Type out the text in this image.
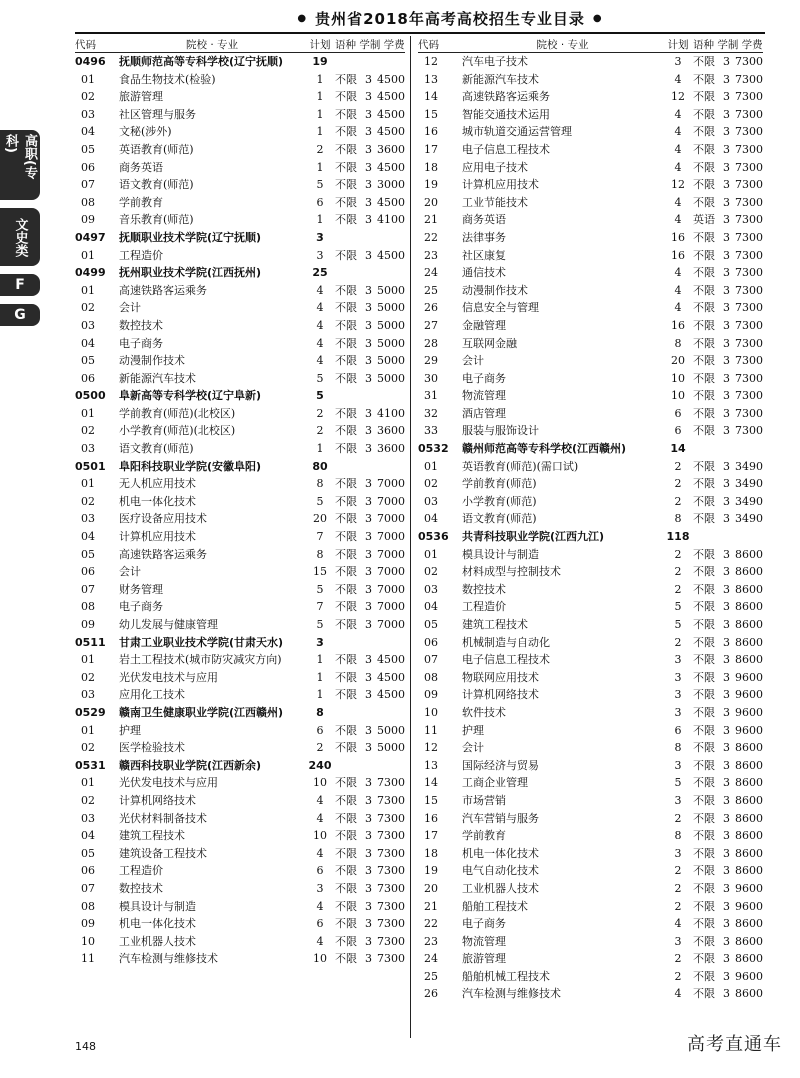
● 贵州省2018年高考高校招生专业目录 ●
高职(专科)
文史类
F
G
代码	院校 · 专业	计划 语种 学制 学费
0496	抚顺师范高等专科学校(辽宁抚顺)	19
01	食品生物技术(检验)	1	不限 3 4500
02	旅游管理	1	不限 3 4500
03	社区管理与服务	1	不限 3 4500
04	文秘(涉外)	1	不限 3 4500
05	英语教育(师范)	2	不限 3 3600
06	商务英语	1	不限 3 4500
07	语文教育(师范)	5	不限 3 3000
08	学前教育	6	不限 3 4500
09	音乐教育(师范)	1	不限 3 4100
0497	抚顺职业技术学院(辽宁抚顺)	3
01	工程造价	3	不限 3 4500
0499	抚州职业技术学院(江西抚州)	25
01	高速铁路客运乘务	4	不限 3 5000
02	会计	4	不限 3 5000
03	数控技术	4	不限 3 5000
04	电子商务	4	不限 3 5000
05	动漫制作技术	4	不限 3 5000
06	新能源汽车技术	5	不限 3 5000
0500	阜新高等专科学校(辽宁阜新)	5
01	学前教育(师范)(北校区)	2	不限 3 4100
02	小学教育(师范)(北校区)	2	不限 3 3600
03	语文教育(师范)	1	不限 3 3600
0501	阜阳科技职业学院(安徽阜阳)	80
01	无人机应用技术	8	不限 3 7000
02	机电一体化技术	5	不限 3 7000
03	医疗设备应用技术	20 不限 3 7000
04	计算机应用技术	7	不限 3 7000
05	高速铁路客运乘务	8	不限 3 7000
06	会计	15 不限 3 7000
07	财务管理	5	不限 3 7000
08	电子商务	7	不限 3 7000
09	幼儿发展与健康管理	5	不限 3 7000
0511	甘肃工业职业技术学院(甘肃天水)	3
01	岩土工程技术(城市防灾减灾方向)	1	不限 3 4500
02	光伏发电技术与应用	1	不限 3 4500
03	应用化工技术	1	不限 3 4500
0529	赣南卫生健康职业学院(江西赣州)	8
01	护理	6	不限 3 5000
02	医学检验技术	2	不限 3 5000
0531	赣西科技职业学院(江西新余)	240
01	光伏发电技术与应用	10 不限 3 7300
02	计算机网络技术	4	不限 3 7300
03	光伏材料制备技术	4	不限 3 7300
04	建筑工程技术	10 不限 3 7300
05	建筑设备工程技术	4	不限 3 7300
06	工程造价	6	不限 3 7300
07	数控技术	3	不限 3 7300
08	模具设计与制造	4	不限 3 7300
09	机电一体化技术	6	不限 3 7300
10	工业机器人技术	4	不限 3 7300
11	汽车检测与维修技术	10 不限 3 7300
代码	院校 · 专业	计划 语种 学制 学费
12	汽车电子技术	3	不限 3 7300
13	新能源汽车技术	4	不限 3 7300
14	高速铁路客运乘务	12 不限 3 7300
15	智能交通技术运用	4	不限 3 7300
16	城市轨道交通运营管理	4	不限 3 7300
17	电子信息工程技术	4	不限 3 7300
18	应用电子技术	4	不限 3 7300
19	计算机应用技术	12 不限 3 7300
20	工业节能技术	4	不限 3 7300
21	商务英语	4	英语 3 7300
22	法律事务	16 不限 3 7300
23	社区康复	16 不限 3 7300
24	通信技术	4	不限 3 7300
25	动漫制作技术	4	不限 3 7300
26	信息安全与管理	4	不限 3 7300
27	金融管理	16 不限 3 7300
28	互联网金融	8	不限 3 7300
29	会计	20 不限 3 7300
30	电子商务	10 不限 3 7300
31	物流管理	10 不限 3 7300
32	酒店管理	6	不限 3 7300
33	服装与服饰设计	6	不限 3 7300
0532	赣州师范高等专科学校(江西赣州)	14
01	英语教育(师范)(需口试)	2	不限 3 3490
02	学前教育(师范)	2	不限 3 3490
03	小学教育(师范)	2	不限 3 3490
04	语文教育(师范)	8	不限 3 3490
0536	共青科技职业学院(江西九江)	118
01	模具设计与制造	2	不限 3 8600
02	材料成型与控制技术	2	不限 3 8600
03	数控技术	2	不限 3 8600
04	工程造价	5	不限 3 8600
05	建筑工程技术	5	不限 3 8600
06	机械制造与自动化	2	不限 3 8600
07	电子信息工程技术	3	不限 3 8600
08	物联网应用技术	3	不限 3 9600
09	计算机网络技术	3	不限 3 9600
10	软件技术	3	不限 3 9600
11	护理	6	不限 3 9600
12	会计	8	不限 3 8600
13	国际经济与贸易	3	不限 3 8600
14	工商企业管理	5	不限 3 8600
15	市场营销	3	不限 3 8600
16	汽车营销与服务	2	不限 3 8600
17	学前教育	8	不限 3 8600
18	机电一体化技术	3	不限 3 8600
19	电气自动化技术	2	不限 3 8600
20	工业机器人技术	2	不限 3 9600
21	船舶工程技术	2	不限 3 9600
22	电子商务	4	不限 3 8600
23	物流管理	3	不限 3 8600
24	旅游管理	2	不限 3 8600
25	船舶机械工程技术	2	不限 3 9600
26	汽车检测与维修技术	4	不限 3 8600
148	高考直通车
